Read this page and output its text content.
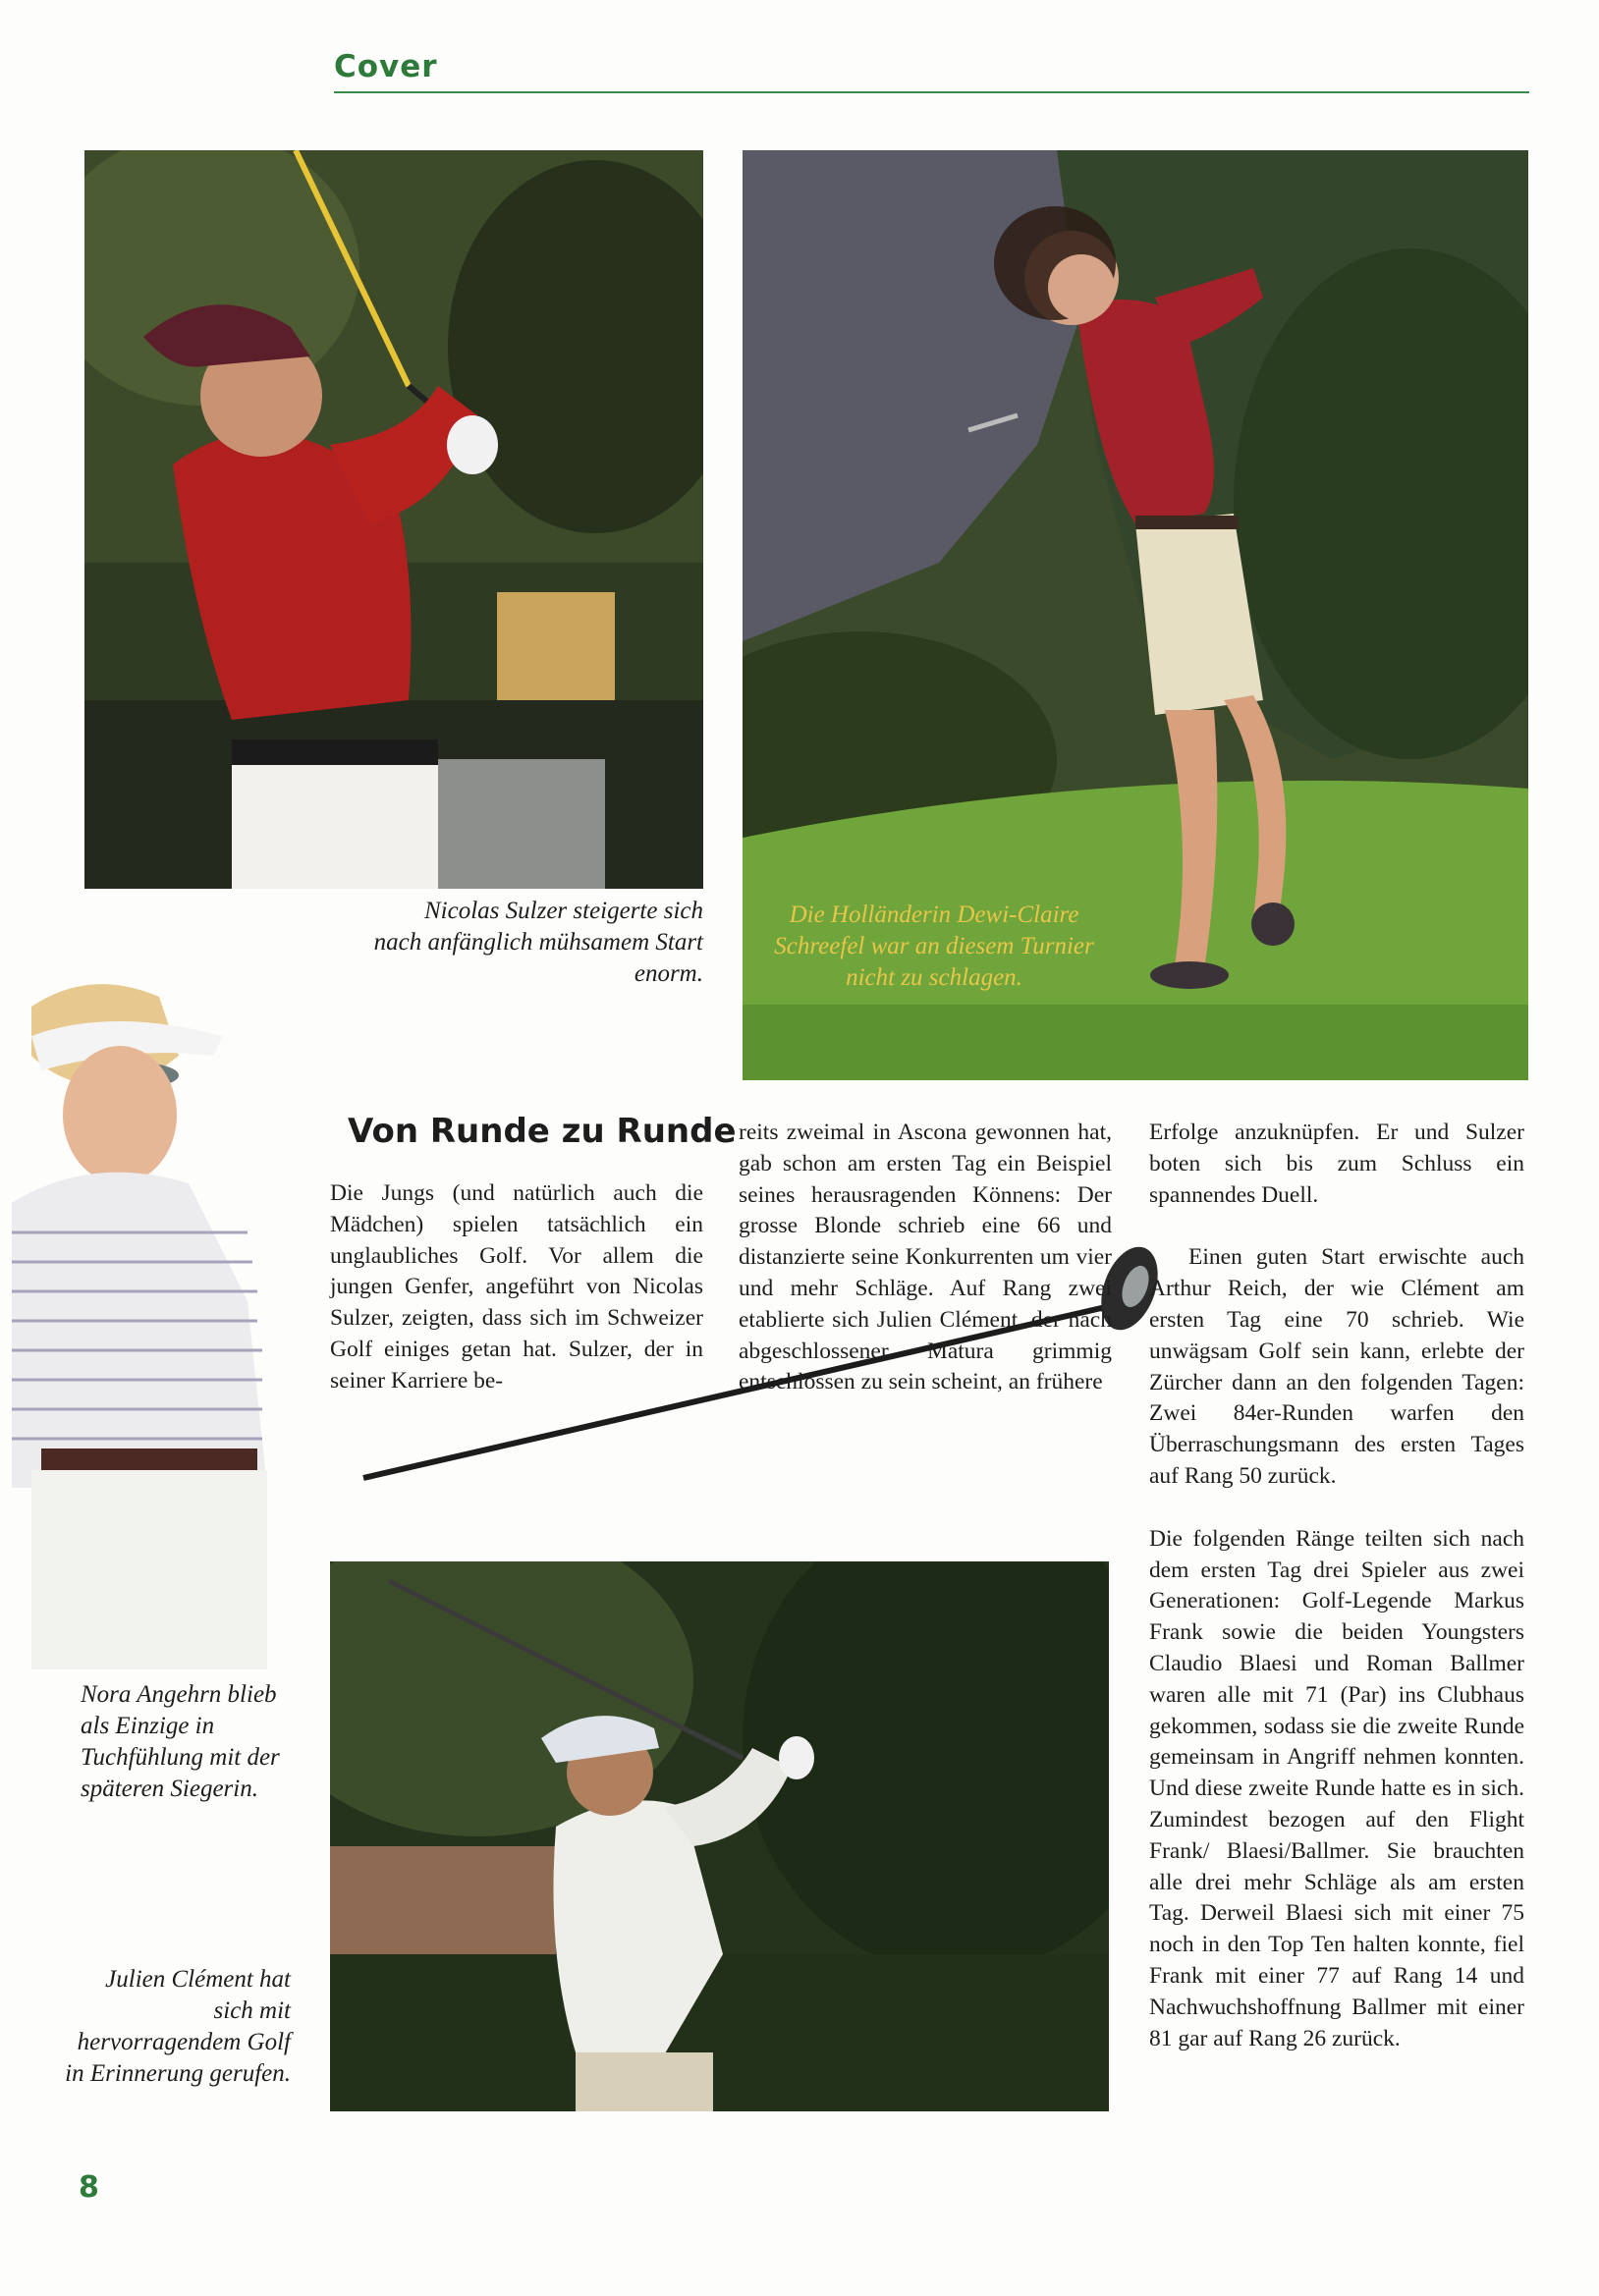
Cover
Nicolas Sulzer steigerte sich nach anfänglich mühsamem Start enorm.
Die Holländerin Dewi-Claire Schreefel war an diesem Turnier nicht zu schlagen.
Nora Angehrn blieb als Einzige in Tuchfühlung mit der späteren Siegerin.
Julien Clément hat sich mit hervorragendem Golf in Erinnerung gerufen.
Von Runde zu Runde

Die Jungs (und natürlich auch die Mädchen) spielen tatsächlich ein unglaubliches Golf. Vor allem die jungen Genfer, angeführt von Nicolas Sulzer, zeigten, dass sich im Schweizer Golf einiges getan hat. Sulzer, der in seiner Karriere be-

reits zweimal in Ascona gewonnen hat, gab schon am ersten Tag ein Beispiel seines herausragenden Könnens: Der grosse Blonde schrieb eine 66 und distanzierte seine Konkurrenten um vier und mehr Schläge. Auf Rang zwei etablierte sich Julien Clément, der nach abgeschlossener Matura grimmig entschlossen zu sein scheint, an frühere

Erfolge anzuknüpfen. Er und Sulzer boten sich bis zum Schluss ein spannendes Duell.

Einen guten Start erwischte auch Arthur Reich, der wie Clément am ersten Tag eine 70 schrieb. Wie unwägsam Golf sein kann, erlebte der Zürcher dann an den folgenden Tagen: Zwei 84er-Runden warfen den Überraschungsmann des ersten Tages auf Rang 50 zurück.

Die folgenden Ränge teilten sich nach dem ersten Tag drei Spieler aus zwei Generationen: Golf-Legende Markus Frank sowie die beiden Youngsters Claudio Blaesi und Roman Ballmer waren alle mit 71 (Par) ins Clubhaus gekommen, sodass sie die zweite Runde gemeinsam in Angriff nehmen konnten. Und diese zweite Runde hatte es in sich. Zumindest bezogen auf den Flight Frank/ Blaesi/Ballmer. Sie brauchten alle drei mehr Schläge als am ersten Tag. Derweil Blaesi sich mit einer 75 noch in den Top Ten halten konnte, fiel Frank mit einer 77 auf Rang 14 und Nachwuchshoffnung Ballmer mit einer 81 gar auf Rang 26 zurück.

8
